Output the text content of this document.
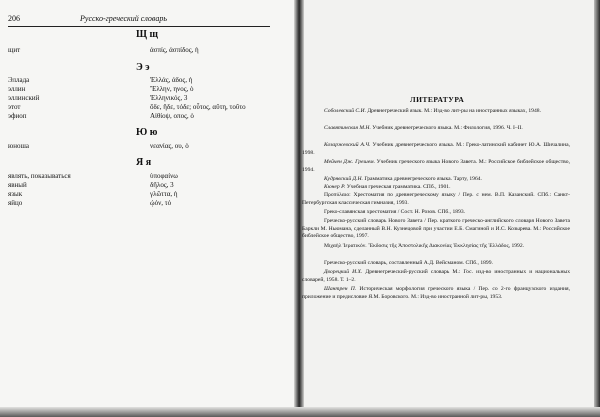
206	Русско-греческий словарь
Щ щ
щит	ἀσπίς, ἀσπίδος, ἡ
Э э
Эллада	Ἑλλάς, άδος, ἡ
эллин	Ἕλλην, ηνος, ὁ
эллинский	Ἑλληνικός, 3
этот	ὅδε, ἥδε, τόδε; οὗτος, αὕτη, τοῦτο
эфиоп	Αἰθίοψ, οπος, ὁ
Ю ю
юноша	νεανίας, ου, ὁ
Я я
являть, показываться	ὑποφαίνω
явный	δῆλος, 3
язык	γλῶττα, ἡ
яйцо	ᾠόν, τό
ЛИТЕРАТУРА
Соболевский С.И. Древнегреческий язык. М.: Изд-во лит-ры на иностранных языках, 1948.
Славятинская М.Н. Учебник древнегреческого языка. М.: Филология, 1996. Ч. I–II.
Козаржевский А.Ч. Учебник древнегреческого языка. М.: Греко-латинский кабинет Ю.А. Шичалина, 1998.
Мейчен Дж. Грешем. Учебник греческого языка Нового Завета. М.: Российское библейское общество, 1994.
Кудрявский Д.Н. Грамматика древнегреческого языка. Тарту, 1964.
Кюнер Р. Учебная греческая грамматика. СПб., 1901.
Προπύλαιο: Хрестоматия по древнегреческому языку / Пер. с нем. В.П. Казанский. СПб.: Санкт-Петербургская классическая гимназия, 1993.
Греко-славянская хрестоматия / Сост. Н. Розов. СПб., 1893.
Греческо-русский словарь Нового Завета / Пер. краткого греческо-английского словаря Нового Завета Баркли М. Ньюмана, сделанный В.Н. Кузнецовой при участии Е.Б. Смагиной и И.С. Козырева. М.: Российское библейское общество, 1997.
Μιχαὴλ Ἰερατικόν. Ἔκδοσις τῆς Ἀποστολικῆς Διακονίας Ἐκκλησίας τῆς Ἑλλάδος, 1992.
Греческо-русский словарь, составленный А.Д. Вейсманом. СПб., 1899.
Дворецкий И.Х. Древнегреческий-русский словарь М.: Гос. изд-во иностранных и национальных словарей, 1958. Т. 1–2.
Шантрен П. Историческая морфология греческого языка / Пер. со 2-го французского издания, приложение и предисловие Я.М. Боровского. М.: Изд-во иностранной лит-ры, 1953.
